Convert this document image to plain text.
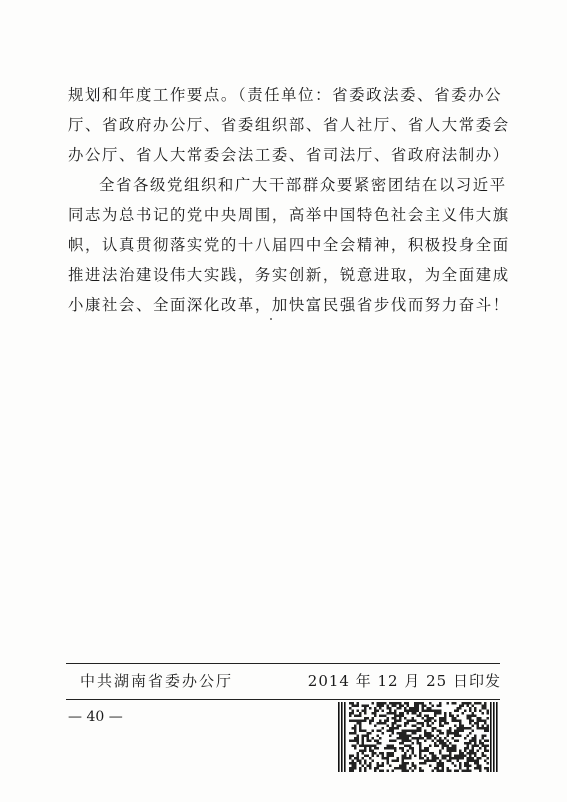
规划和年度工作要点。（责任单位：省委政法委、省委办公
厅、省政府办公厅、省委组织部、省人社厅、省人大常委会
办公厅、省人大常委会法工委、省司法厅、省政府法制办）
全省各级党组织和广大干部群众要紧密团结在以习近平
同志为总书记的党中央周围，高举中国特色社会主义伟大旗
帜，认真贯彻落实党的十八届四中全会精神，积极投身全面
推进法治建设伟大实践，务实创新，锐意进取，为全面建成
小康社会、全面深化改革，加快富民强省步伐而努力奋斗！
中共湖南省委办公厅	2014 年 12 月 25 日印发
— 40 —
